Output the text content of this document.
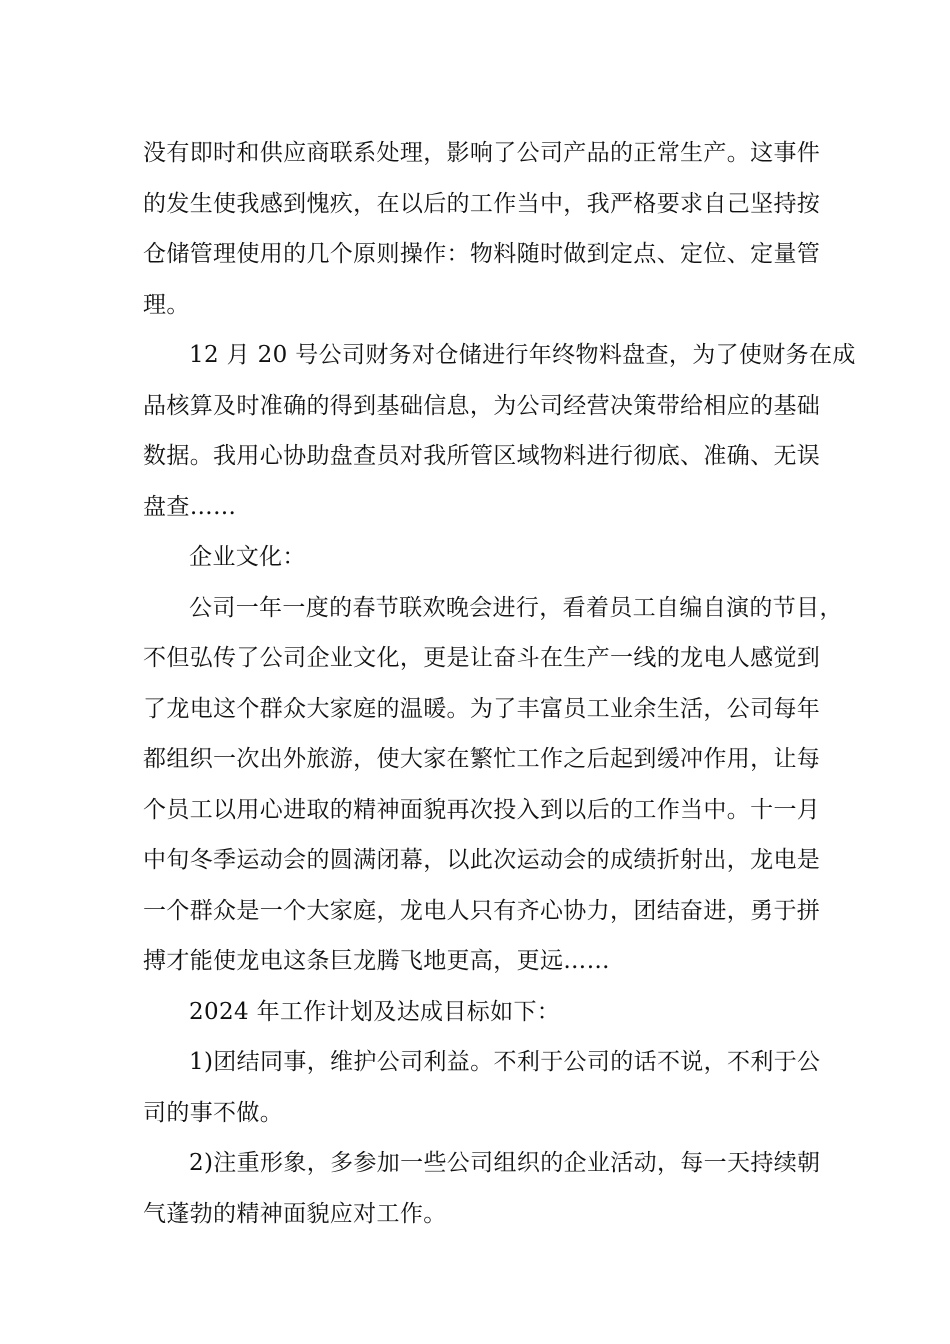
没有即时和供应商联系处理，影响了公司产品的正常生产。这事件
的发生使我感到愧疚，在以后的工作当中，我严格要求自己坚持按
仓储管理使用的几个原则操作：物料随时做到定点、定位、定量管
理。
12 月 20 号公司财务对仓储进行年终物料盘查，为了使财务在成
品核算及时准确的得到基础信息，为公司经营决策带给相应的基础
数据。我用心协助盘查员对我所管区域物料进行彻底、准确、无误
盘查……
企业文化：
公司一年一度的春节联欢晚会进行，看着员工自编自演的节目，
不但弘传了公司企业文化，更是让奋斗在生产一线的龙电人感觉到
了龙电这个群众大家庭的温暖。为了丰富员工业余生活，公司每年
都组织一次出外旅游，使大家在繁忙工作之后起到缓冲作用，让每
个员工以用心进取的精神面貌再次投入到以后的工作当中。十一月
中旬冬季运动会的圆满闭幕，以此次运动会的成绩折射出，龙电是
一个群众是一个大家庭，龙电人只有齐心协力，团结奋进，勇于拼
搏才能使龙电这条巨龙腾飞地更高，更远……
2024 年工作计划及达成目标如下：
1)团结同事，维护公司利益。不利于公司的话不说，不利于公
司的事不做。
2)注重形象，多参加一些公司组织的企业活动，每一天持续朝
气蓬勃的精神面貌应对工作。
